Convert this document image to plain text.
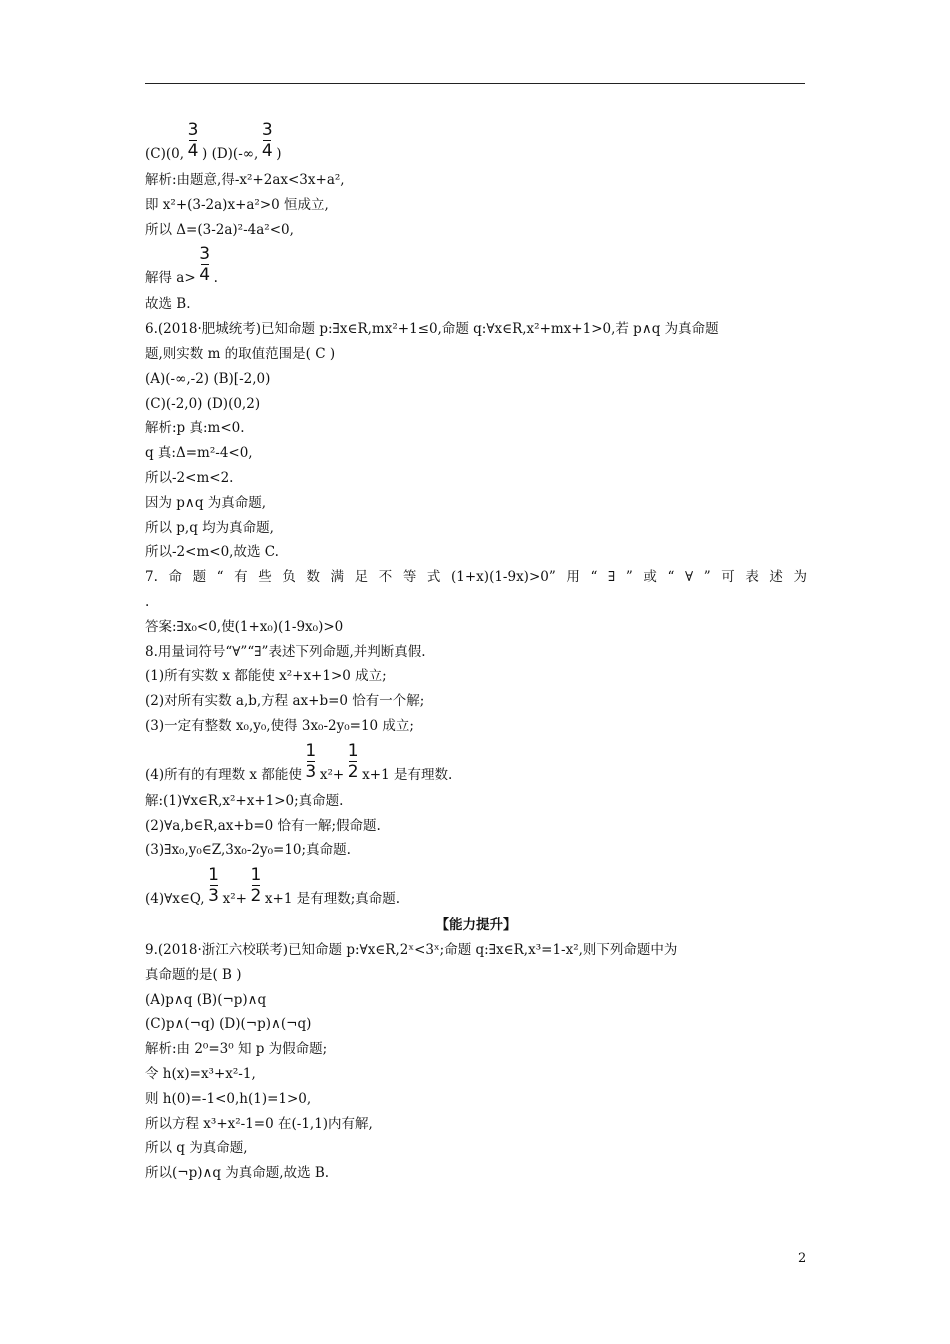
(C)(0, $\frac{3}{4}$ ) (D)(-∞, $\frac{3}{4}$ )
解析:由题意,得-x²+2ax<3x+a²,
即 x²+(3-2a)x+a²>0 恒成立,
所以 Δ=(3-2a)²-4a²<0,
解得 $a> \frac{3}{4}$ .
故选 B.
6.(2018·肥城统考)已知命题 p:∃x∈R,mx²+1≤0,命题 q:∀x∈R,x²+mx+1>0,若 p∧q 为真命题
题,则实数 m 的取值范围是( C )
(A)(-∞,-2) (B)[-2,0)
(C)(-2,0) (D)(0,2)
解析:p 真:m<0.
q 真:Δ=m²-4<0,
所以-2<m<2.
因为 p∧q 为真命题,
所以 p,q 均为真命题,
所以-2<m<0,故选 C.
7. 命 题 “ 有 些 负 数 满 足 不 等 式 (1+x)(1-9x)>0” 用 “ ∃ ” 或 “ ∀ ” 可 表 述 为
.
答案:∃x₀<0,使(1+x₀)(1-9x₀)>0
8.用量词符号“∀”“∃”表述下列命题,并判断真假.
(1)所有实数 x 都能使 x²+x+1>0 成立;
(2)对所有实数 a,b,方程 ax+b=0 恰有一个解;
(3)一定有整数 x₀,y₀,使得 3x₀-2y₀=10 成立;
(4)所有的有理数 x 都能使 $\frac{1}{3} x^2+ \frac{1}{2} x+1$ 是有理数.
解:(1)∀x∈R,x²+x+1>0;真命题.
(2)∀a,b∈R,ax+b=0 恰有一解;假命题.
(3)∃x₀,y₀∈Z,3x₀-2y₀=10;真命题.
(4)∀x∈Q, $\frac{1}{3} x^2+ \frac{1}{2} x+1$ 是有理数;真命题.
【能力提升】
9.(2018·浙江六校联考)已知命题 p:∀x∈R,2ˣ<3ˣ;命题 q:∃x∈R,x³=1-x²,则下列命题中为
真命题的是( B )
(A)p∧q (B)(¬p)∧q
(C)p∧(¬q) (D)(¬p)∧(¬q)
解析:由 2⁰=3⁰ 知 p 为假命题;
令 h(x)=x³+x²-1,
则 h(0)=-1<0,h(1)=1>0,
所以方程 x³+x²-1=0 在(-1,1)内有解,
所以 q 为真命题,
所以(¬p)∧q 为真命题,故选 B.
2
